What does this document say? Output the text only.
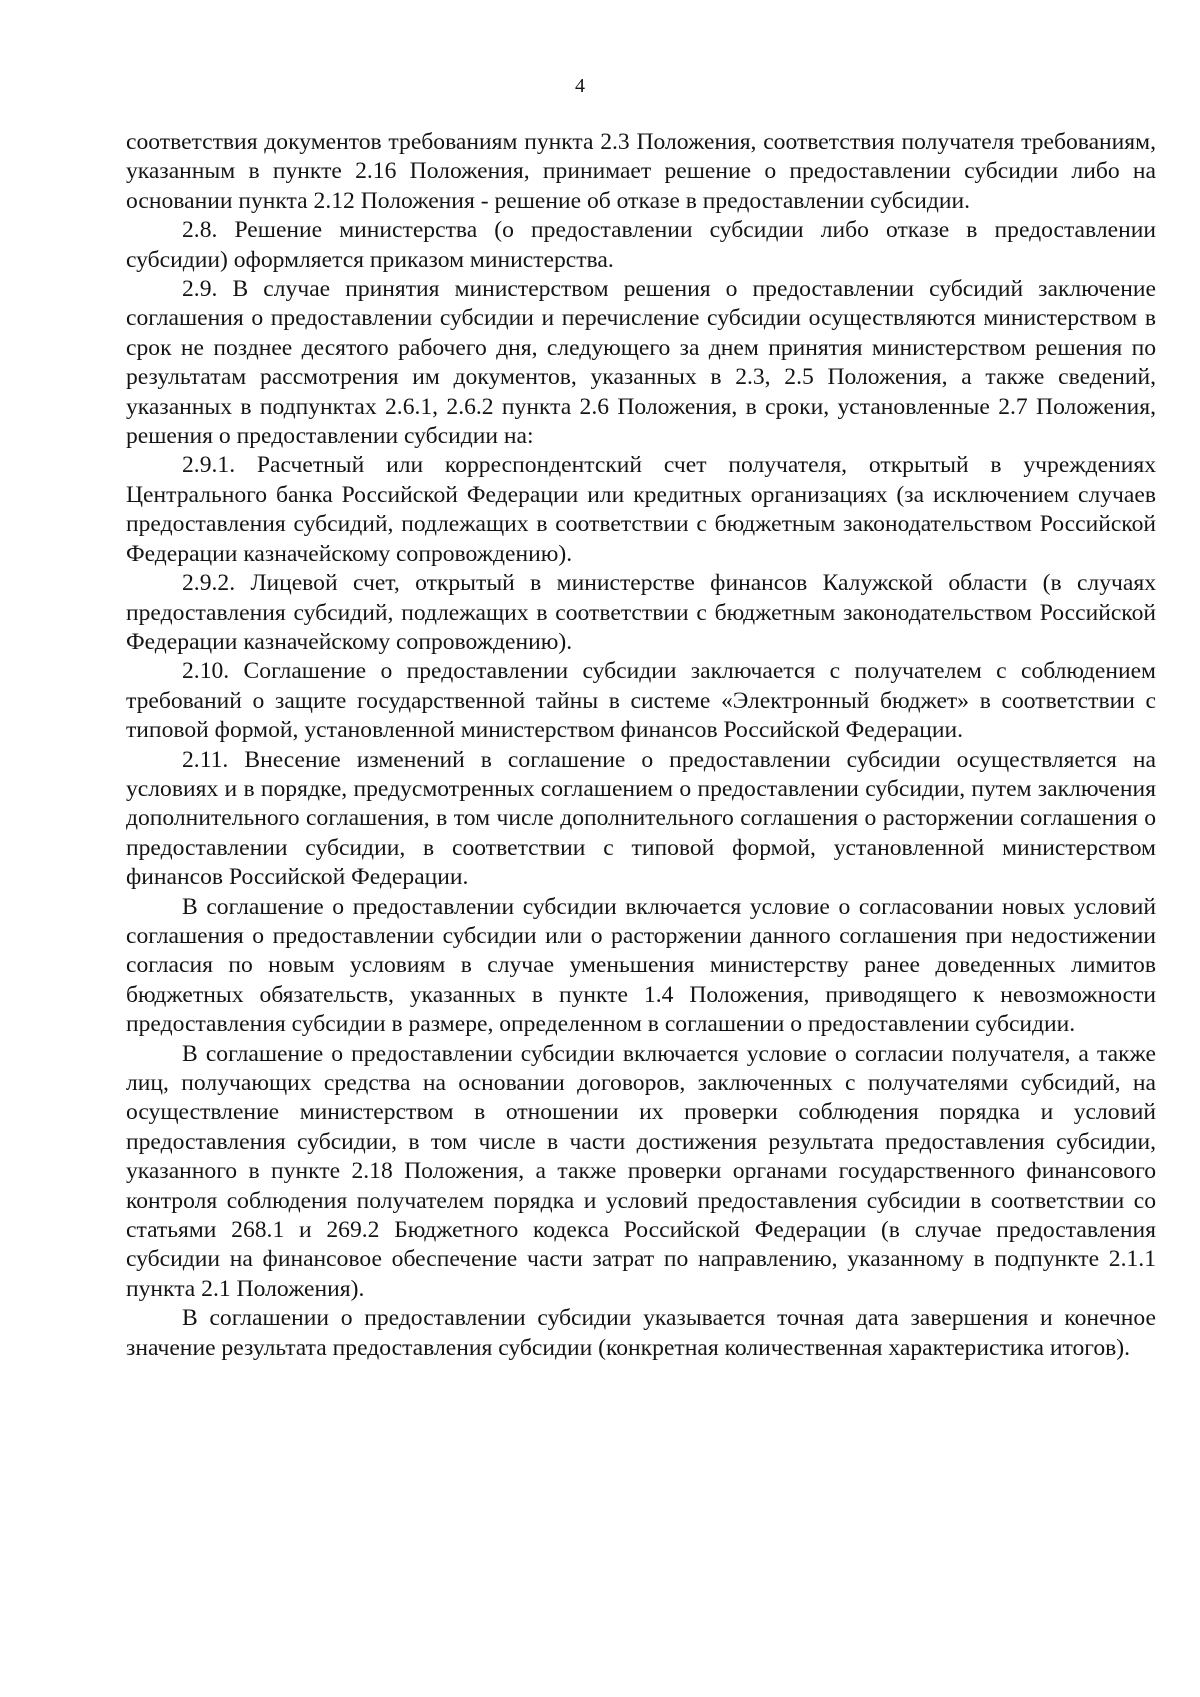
4

соответствия документов требованиям пункта 2.3 Положения, соответствия получателя требованиям, указанным в пункте 2.16 Положения, принимает решение о предоставлении субсидии либо на основании пункта 2.12 Положения - решение об отказе в предоставлении субсидии.

2.8. Решение министерства (о предоставлении субсидии либо отказе в предоставлении субсидии) оформляется приказом министерства.

2.9. В случае принятия министерством решения о предоставлении субсидий заключение соглашения о предоставлении субсидии и перечисление субсидии осуществляются министерством в срок не позднее десятого рабочего дня, следующего за днем принятия министерством решения по результатам рассмотрения им документов, указанных в 2.3, 2.5 Положения, а также сведений, указанных в подпунктах 2.6.1, 2.6.2 пункта 2.6 Положения, в сроки, установленные 2.7 Положения, решения о предоставлении субсидии на:

2.9.1. Расчетный или корреспондентский счет получателя, открытый в учреждениях Центрального банка Российской Федерации или кредитных организациях (за исключением случаев предоставления субсидий, подлежащих в соответствии с бюджетным законодательством Российской Федерации казначейскому сопровождению).

2.9.2. Лицевой счет, открытый в министерстве финансов Калужской области (в случаях предоставления субсидий, подлежащих в соответствии с бюджетным законодательством Российской Федерации казначейскому сопровождению).

2.10. Соглашение о предоставлении субсидии заключается с получателем с соблюдением требований о защите государственной тайны в системе «Электронный бюджет» в соответствии с типовой формой, установленной министерством финансов Российской Федерации.

2.11. Внесение изменений в соглашение о предоставлении субсидии осуществляется на условиях и в порядке, предусмотренных соглашением о предоставлении субсидии, путем заключения дополнительного соглашения, в том числе дополнительного соглашения о расторжении соглашения о предоставлении субсидии, в соответствии с типовой формой, установленной министерством финансов Российской Федерации.

В соглашение о предоставлении субсидии включается условие о согласовании новых условий соглашения о предоставлении субсидии или о расторжении данного соглашения при недостижении согласия по новым условиям в случае уменьшения министерству ранее доведенных лимитов бюджетных обязательств, указанных в пункте 1.4 Положения, приводящего к невозможности предоставления субсидии в размере, определенном в соглашении о предоставлении субсидии.

В соглашение о предоставлении субсидии включается условие о согласии получателя, а также лиц, получающих средства на основании договоров, заключенных с получателями субсидий, на осуществление министерством в отношении их проверки соблюдения порядка и условий предоставления субсидии, в том числе в части достижения результата предоставления субсидии, указанного в пункте 2.18 Положения, а также проверки органами государственного финансового контроля соблюдения получателем порядка и условий предоставления субсидии в соответствии со статьями 268.1 и 269.2 Бюджетного кодекса Российской Федерации (в случае предоставления субсидии на финансовое обеспечение части затрат по направлению, указанному в подпункте 2.1.1 пункта 2.1 Положения).

В соглашении о предоставлении субсидии указывается точная дата завершения и конечное значение результата предоставления субсидии (конкретная количественная характеристика итогов).
